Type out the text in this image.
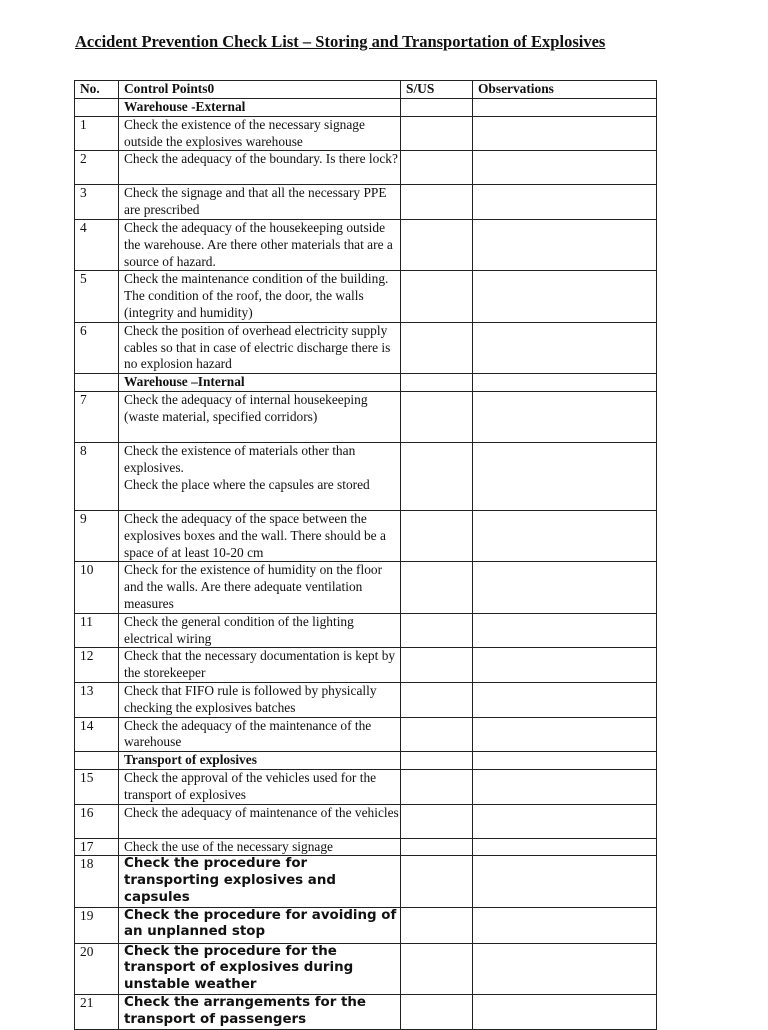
Accident Prevention Check List – Storing and Transportation of Explosives
No.	Control Points0	S/US	Observations
	Warehouse -External		
1	Check the existence of the necessary signage outside the explosives warehouse		
2	Check the adequacy of the boundary. Is there lock?		
3	Check the signage and that all the necessary PPE are prescribed		
4	Check the adequacy of the housekeeping outside the warehouse. Are there other materials that are a source of hazard.		
5	Check the maintenance condition of the building. The condition of the roof, the door, the walls (integrity and humidity)		
6	Check the position of overhead electricity supply cables so that in case of electric discharge there is no explosion hazard		
	Warehouse –Internal		
7	Check the adequacy of internal housekeeping (waste material, specified corridors)		
8	Check the existence of materials other than explosives.
Check the place where the capsules are stored		
9	Check the adequacy of the space between the explosives boxes and the wall. There should be a space of at least 10-20 cm		
10	Check for the existence of humidity on the floor and the walls. Are there adequate ventilation measures		
11	Check the general condition of the lighting electrical wiring		
12	Check that the necessary documentation is kept by the storekeeper		
13	Check that FIFO rule is followed by physically checking the explosives batches		
14	Check the adequacy of the maintenance of the warehouse		
	Transport of explosives		
15	Check the approval of the vehicles used for the transport of explosives		
16	Check the adequacy of maintenance of the vehicles		
17	Check the use of the necessary signage		
18	Check the procedure for transporting explosives and capsules		
19	Check the procedure for avoiding of an unplanned stop		
20	Check the procedure for the transport of explosives during unstable weather		
21	Check the arrangements for the transport of passengers		
